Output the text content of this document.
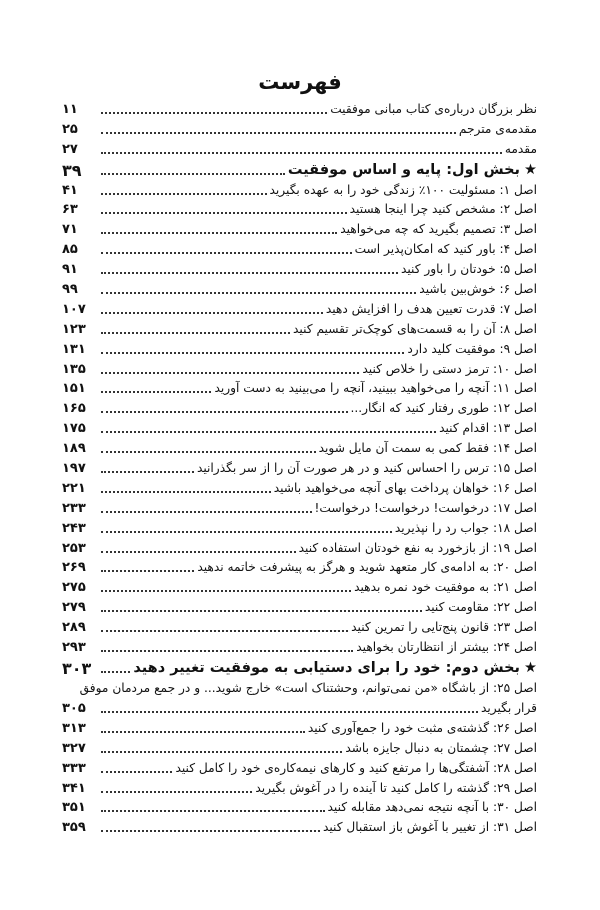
فهرست
نظر بزرگان درباره‌ی کتاب مبانی موفقیت
۱۱
مقدمه‌ی مترجم
۲۵
مقدمه
۲۷
★
بخش اول: پایه و اساس موفقیت
۳۹
اصل ۱: مسئولیت ۱۰۰٪ زندگی خود را به عهده بگیرید
۴۱
اصل ۲: مشخص کنید چرا اینجا هستید
۶۳
اصل ۳: تصمیم بگیرید که چه می‌خواهید
۷۱
اصل ۴: باور کنید که امکان‌پذیر است
۸۵
اصل ۵: خودتان را باور کنید
۹۱
اصل ۶: خوش‌بین باشید
۹۹
اصل ۷: قدرت تعیین هدف را افزایش دهید
۱۰۷
اصل ۸: آن را به قسمت‌های کوچک‌تر تقسیم کنید
۱۲۳
اصل ۹: موفقیت کلید دارد
۱۳۱
اصل ۱۰: ترمز دستی را خلاص کنید
۱۳۵
اصل ۱۱: آنچه را می‌خواهید ببینید، آنچه را می‌بینید به دست آورید
۱۵۱
اصل ۱۲: طوری رفتار کنید که انگار...
۱۶۵
اصل ۱۳: اقدام کنید
۱۷۵
اصل ۱۴: فقط کمی به سمت آن مایل شوید
۱۸۹
اصل ۱۵: ترس را احساس کنید و در هر صورت آن را از سر بگذرانید
۱۹۷
اصل ۱۶: خواهان پرداخت بهای آنچه می‌خواهید باشید
۲۲۱
اصل ۱۷: درخواست! درخواست! درخواست!
۲۳۳
اصل ۱۸: جواب رد را نپذیرید
۲۴۳
اصل ۱۹: از بازخورد به نفع خودتان استفاده کنید
۲۵۳
اصل ۲۰: به ادامه‌ی کار متعهد شوید و هرگز به پیشرفت خاتمه ندهید
۲۶۹
اصل ۲۱: به موفقیت خود نمره بدهید
۲۷۵
اصل ۲۲: مقاومت کنید
۲۷۹
اصل ۲۳: قانون پنج‌تایی را تمرین کنید
۲۸۹
اصل ۲۴: بیشتر از انتظارتان بخواهید
۲۹۳
★
بخش دوم: خود را برای دستیابی به موفقیت تغییر دهید
۳۰۳
اصل ۲۵: از باشگاه «من نمی‌توانم، وحشتناک است» خارج شوید... و در جمع مردمان موفق
قرار بگیرید
۳۰۵
اصل ۲۶: گذشته‌ی مثبت خود را جمع‌آوری کنید
۳۱۳
اصل ۲۷: چشمتان به دنبال جایزه باشد
۳۲۷
اصل ۲۸: آشفتگی‌ها را مرتفع کنید و کارهای نیمه‌کاره‌ی خود را کامل کنید
۳۳۳
اصل ۲۹: گذشته را کامل کنید تا آینده را در آغوش بگیرید
۳۴۱
اصل ۳۰: با آنچه نتیجه نمی‌دهد مقابله کنید
۳۵۱
اصل ۳۱: از تغییر با آغوش باز استقبال کنید
۳۵۹
